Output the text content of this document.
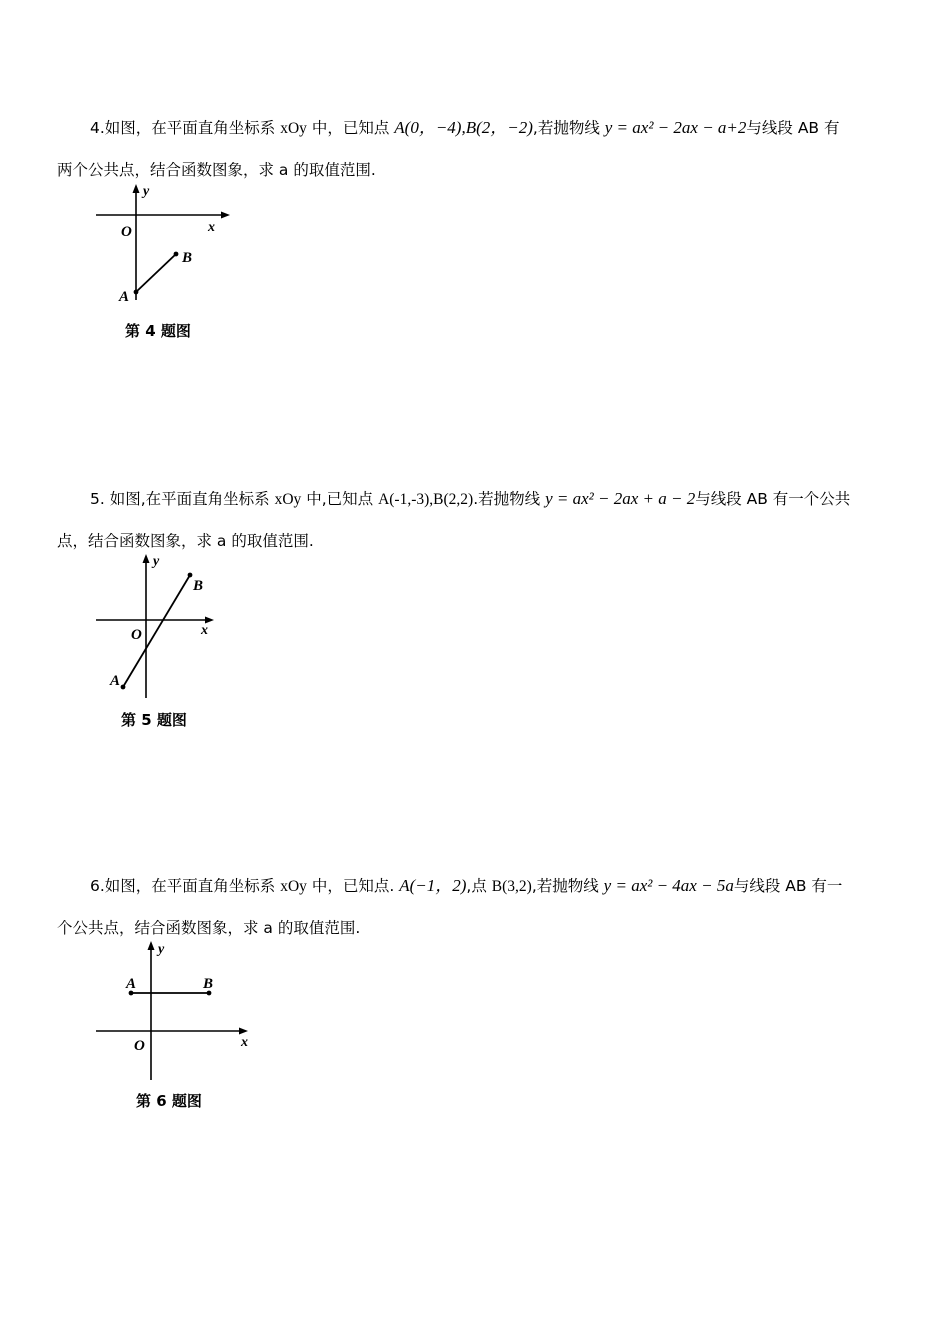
4.如图，在平面直角坐标系 xOy 中，已知点 A(0，−4),B(2，−2),若抛物线 y = ax² − 2ax − a+2与线段 AB 有
两个公共点，结合函数图象，求 a 的取值范围.
y
x
O
A
B
第 4 题图
5. 如图,在平面直角坐标系 xOy 中,已知点 A(-1,-3),B(2,2).若抛物线 y = ax² − 2ax + a − 2与线段 AB 有一个公共
点，结合函数图象，求 a 的取值范围.
y
x
O
A
B
第 5 题图
6.如图，在平面直角坐标系 xOy 中，已知点. A(−1，2),点 B(3,2),若抛物线 y = ax² − 4ax − 5a与线段 AB 有一
个公共点，结合函数图象，求 a 的取值范围.
y
x
O
A	B
第 6 题图
